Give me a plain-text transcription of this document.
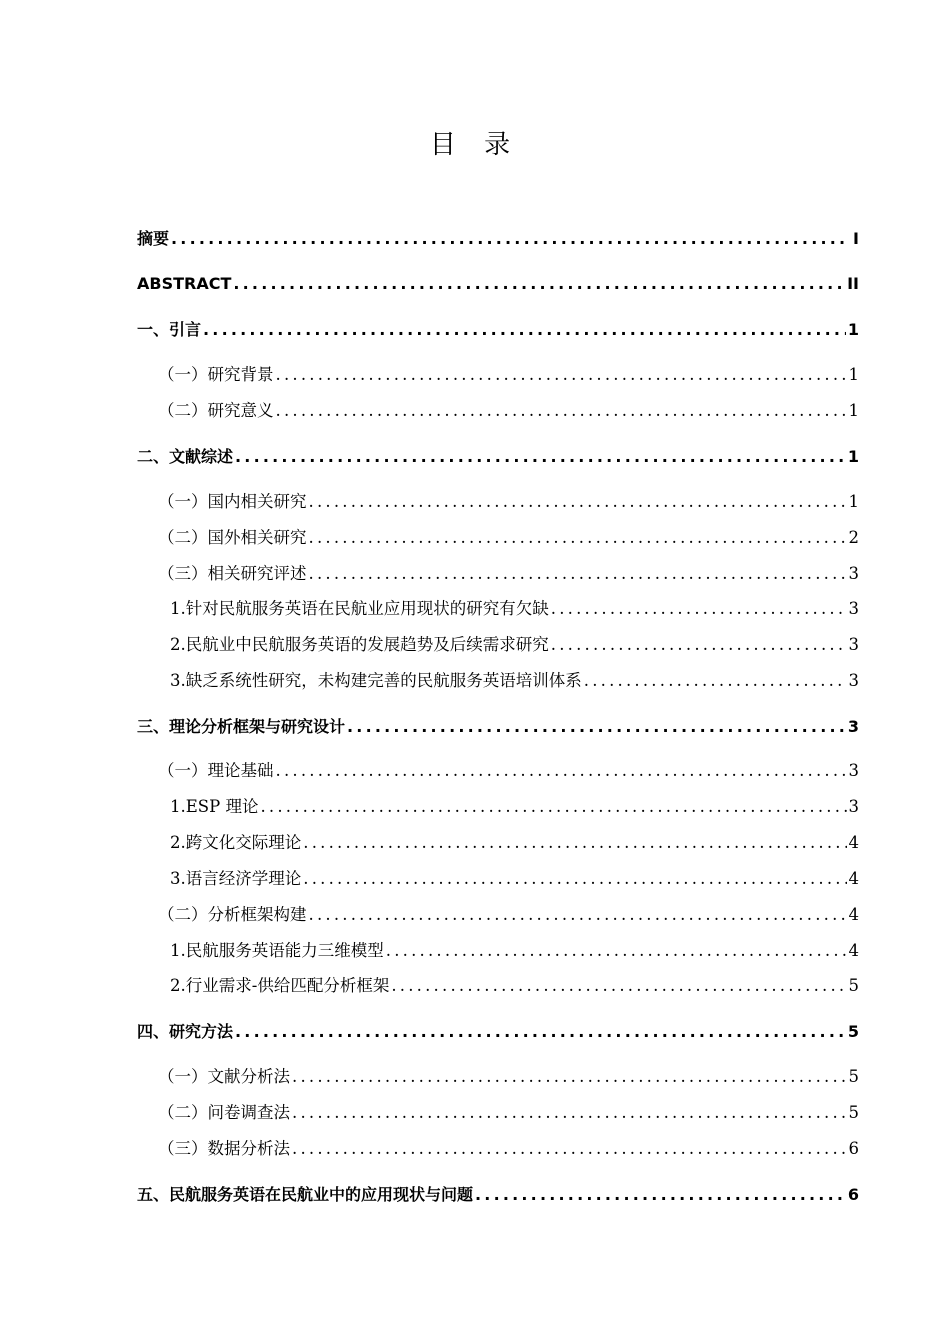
目 录
摘要 .....	I
ABSTRACT .....	II
一、引言 .....	1
（一）研究背景 .....	1
（二）研究意义 .....	1
二、文献综述 .....	1
（一）国内相关研究 .....	1
（二）国外相关研究 .....	2
（三）相关研究评述 .....	3
1.针对民航服务英语在民航业应用现状的研究有欠缺 .....	3
2.民航业中民航服务英语的发展趋势及后续需求研究 .....	3
3.缺乏系统性研究，未构建完善的民航服务英语培训体系 .....	3
三、理论分析框架与研究设计 .....	3
（一）理论基础 .....	3
1.ESP 理论 .....	3
2.跨文化交际理论 .....	4
3.语言经济学理论 .....	4
（二）分析框架构建 .....	4
1.民航服务英语能力三维模型 .....	4
2.行业需求-供给匹配分析框架 .....	5
四、研究方法 .....	5
（一）文献分析法 .....	5
（二）问卷调查法 .....	5
（三）数据分析法 .....	6
五、民航服务英语在民航业中的应用现状与问题 .....	6
